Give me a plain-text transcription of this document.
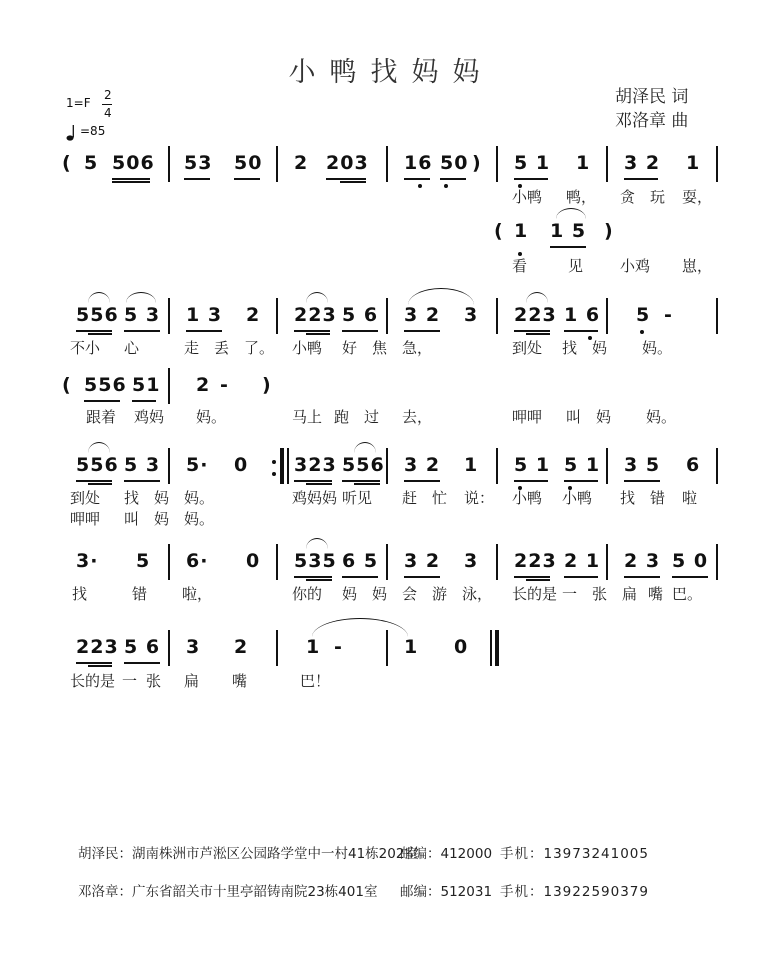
小鸭找妈妈
胡泽民 词
邓洛章 曲
1=F
2
4
=85
( 5 506 53 50 2 203 16 50 ) 5 1 1 3 2 1
小鸭 鸭， 贪 玩 耍，
( 1 1 5 )
看	见 小鸡 崽，
556 5 3 1 3 2 223 5 6 3 2 3 223 1 6 5 -
不小 心	走 丢 了。 小鸭 好 焦 急，	到处 找 妈 妈。
( 556 51 2 - )
跟着 鸡妈 妈。	马上 跑 过 去，	呷呷 叫 妈 妈。
556 5 3 5· 0 323 556 3 2 1 5 1 5 1 3 5 6
到处 找 妈 妈。	鸡妈妈 听见 赶 忙 说： 小鸭 小鸭 找 错 啦
呷呷 叫 妈 妈。
3· 5 6· 0 535 6 5 3 2 3 223 2 1 2 3 5 0
找	错 啦，	你的 妈 妈 会 游 泳， 长的是 一 张 扁 嘴 巴。
223 5 6 3 2	1 -	1 0
长的是 一 张 扁 嘴	巴！
胡泽民：湖南株洲市芦淞区公园路学堂中一村41栋202室
邮编：412000 手机：13973241005
邓洛章：广东省韶关市十里亭韶铸南院23栋401室 邮编：512031 手机：13922590379
